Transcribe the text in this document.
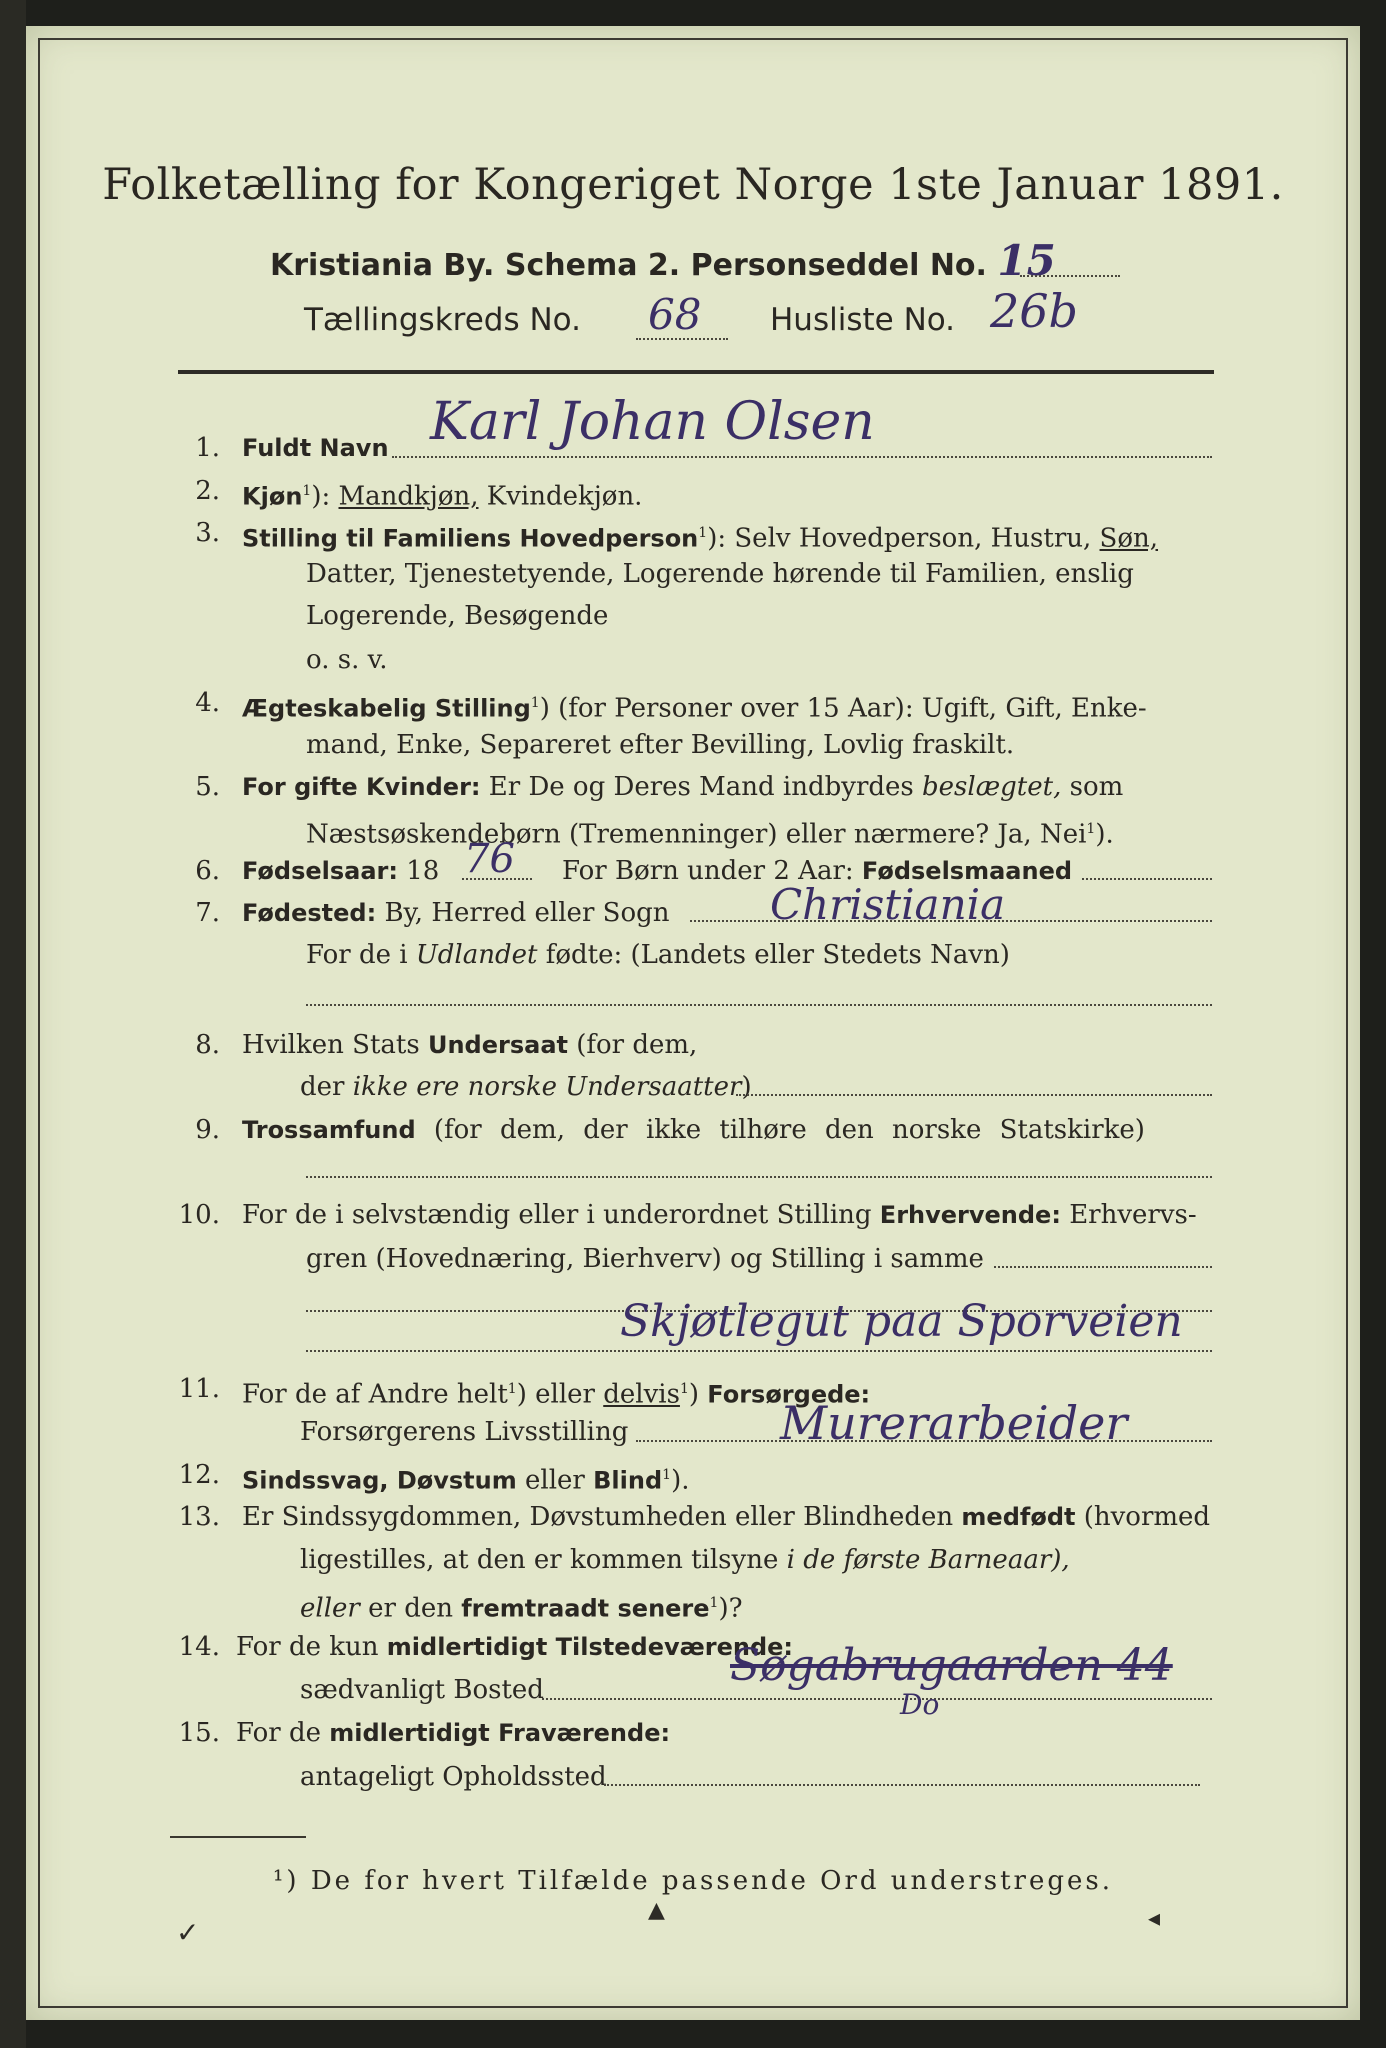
Folketælling for Kongeriget Norge 1ste Januar 1891.
Kristiania By. Schema 2. Personseddel No. 15
Tællingskreds No. 68 Husliste No. 26b
1. Fuldt Navn Karl Johan Olsen
2. Kjøn$^1$): Mandkjøn, Kvindekjøn.
3. Stilling til Familiens Hovedperson$^1$): Selv Hovedperson, Hustru, Søn,
Datter, Tjenestetyende, Logerende hørende til Familien, enslig
Logerende, Besøgende
o. s. v.
4. Ægteskabelig Stilling$^1$) (for Personer over 15 Aar): Ugift, Gift, Enke-
mand, Enke, Separeret efter Bevilling, Lovlig fraskilt.
5. For gifte Kvinder: Er De og Deres Mand indbyrdes beslægtet, som
Næstsøskendebørn (Tremenninger) eller nærmere? Ja, Nei$^1$).
6. Fødselsaar: 18 76 For Børn under 2 Aar: Fødselsmaaned
7. Fødested: By, Herred eller Sogn Christiania
For de i Udlandet fødte: (Landets eller Stedets Navn)
8. Hvilken Stats Undersaat (for dem,
der ikke ere norske Undersaatter)
9. Trossamfund (for dem, der ikke tilhøre den norske Statskirke)
10. For de i selvstændig eller i underordnet Stilling Erhvervende: Erhvervs-
gren (Hovednæring, Bierhverv) og Stilling i samme
Skjøtlegut paa Sporveien
11. For de af Andre helt$^1$) eller delvis$^1$) Forsørgede:
Forsørgerens Livsstilling	Murerarbeider
12. Sindssvag, Døvstum eller Blind$^1$).
13. Er Sindssygdommen, Døvstumheden eller Blindheden medfødt (hvormed
ligestilles, at den er kommen tilsyne i de første Barneaar),
eller er den fremtraadt senere$^1$)?
14. For de kun midlertidigt Tilstedeværende:
sædvanligt Bosted	Søgabrugaarden 44
Do
15. For de midlertidigt Fraværende:
antageligt Opholdssted
¹) De for hvert Tilfælde passende Ord understreges.
✓
▲	◂
